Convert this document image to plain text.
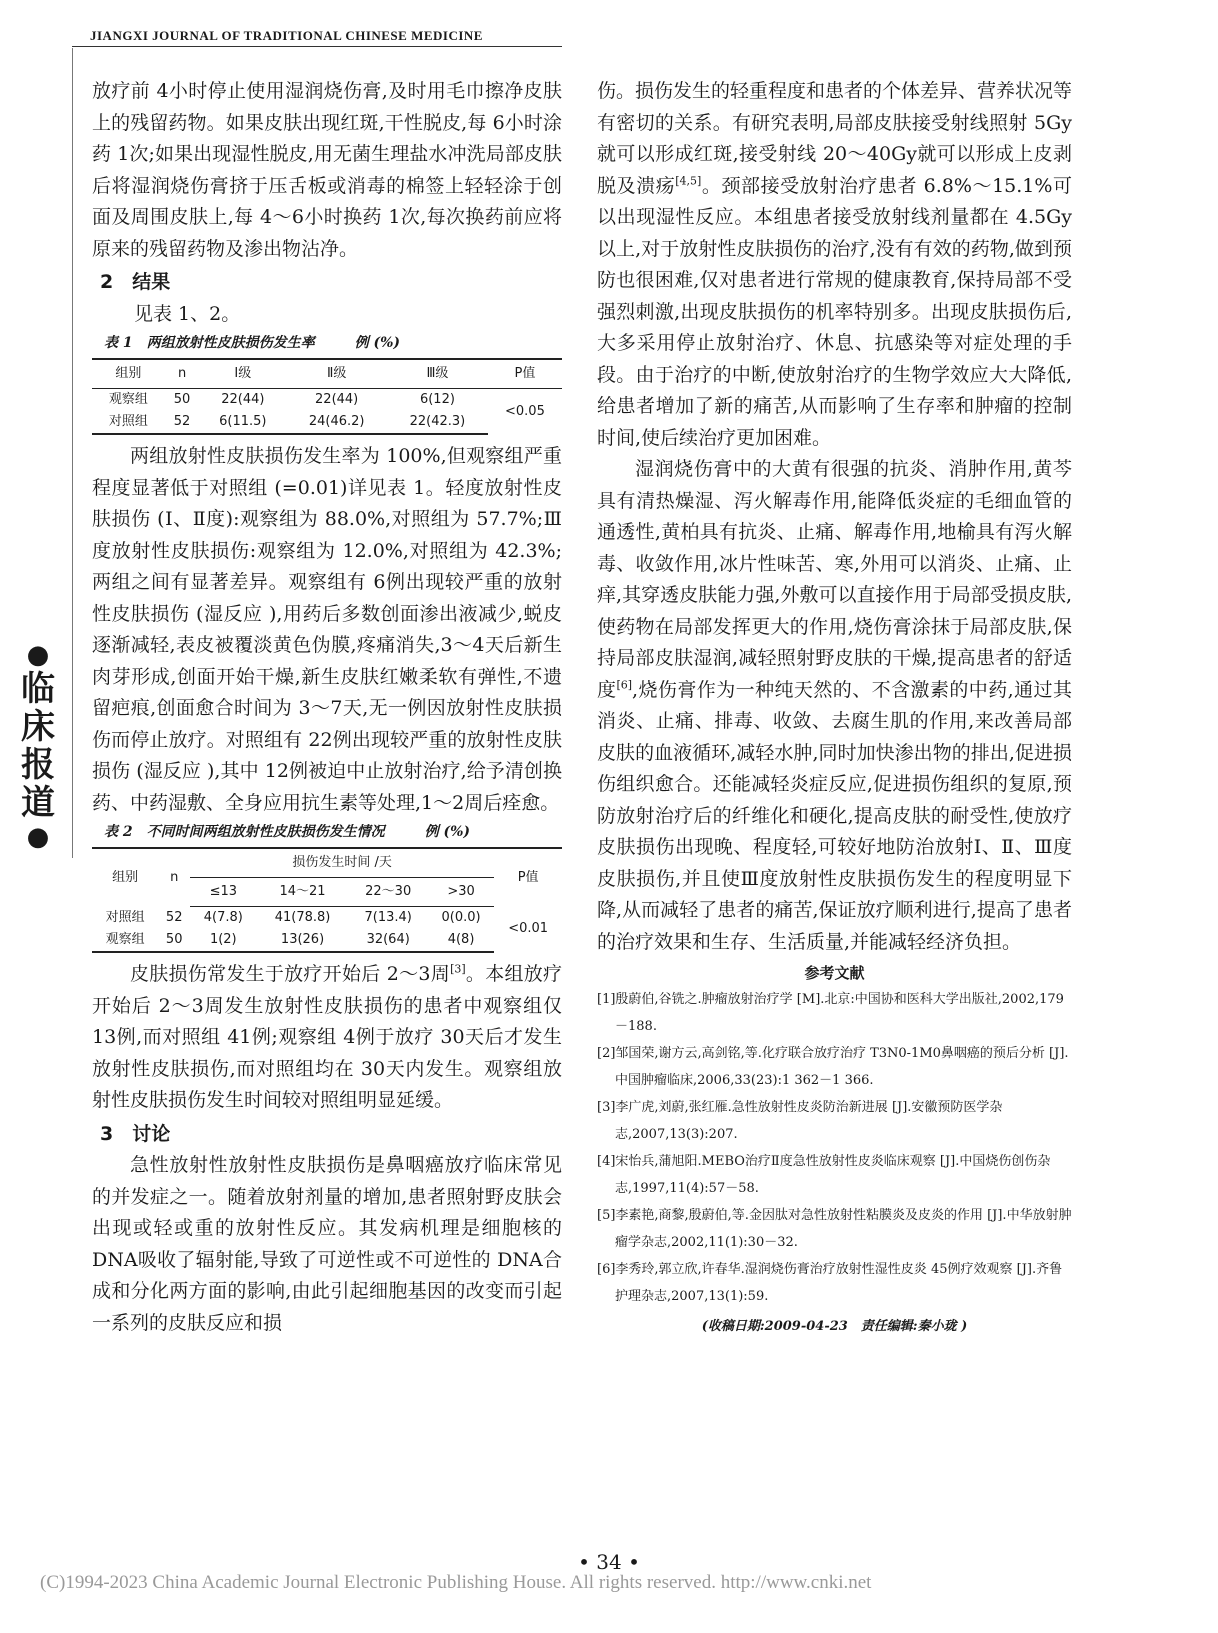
JIANGXI JOURNAL OF TRADITIONAL CHINESE MEDICINE
●
临床报道
●

放疗前 4小时停止使用湿润烧伤膏,及时用毛巾擦净皮肤上的残留药物。如果皮肤出现红斑,干性脱皮,每 6小时涂药 1次;如果出现湿性脱皮,用无菌生理盐水冲洗局部皮肤后将湿润烧伤膏挤于压舌板或消毒的棉签上轻轻涂于创面及周围皮肤上,每 4～6小时换药 1次,每次换药前应将原来的残留药物及渗出物沾净。

2　结果

见表 1、2。

表 1　两组放射性皮肤损伤发生率	例 (%)
组别	n	Ⅰ级	Ⅱ级	Ⅲ级	P值
观察组	50	22(44)	22(44)	6(12)	<0.05
对照组	52	6(11.5)	24(46.2)	22(42.3)	

两组放射性皮肤损伤发生率为 100%,但观察组严重程度显著低于对照组 (=0.01)详见表 1。轻度放射性皮肤损伤 (Ⅰ、Ⅱ度):观察组为 88.0%,对照组为 57.7%;Ⅲ度放射性皮肤损伤:观察组为 12.0%,对照组为 42.3%;两组之间有显著差异。观察组有 6例出现较严重的放射性皮肤损伤 (湿反应 ),用药后多数创面渗出液减少,蜕皮逐渐减轻,表皮被覆淡黄色伪膜,疼痛消失,3～4天后新生肉芽形成,创面开始干燥,新生皮肤红嫩柔软有弹性,不遗留疤痕,创面愈合时间为 3～7天,无一例因放射性皮肤损伤而停止放疗。对照组有 22例出现较严重的放射性皮肤损伤 (湿反应 ),其中 12例被迫中止放射治疗,给予清创换药、中药湿敷、全身应用抗生素等处理,1～2周后痊愈。

表 2　不同时间两组放射性皮肤损伤发生情况	例 (%)
组别	n	损伤发生时间 /天				P值
		≤13	14～21	22～30	>30	
对照组	52	4(7.8)	41(78.8)	7(13.4)	0(0.0)	<0.01
观察组	50	1(2)	13(26)	32(64)	4(8)	

皮肤损伤常发生于放疗开始后 2～3周[3]。本组放疗开始后 2～3周发生放射性皮肤损伤的患者中观察组仅 13例,而对照组 41例;观察组 4例于放疗 30天后才发生放射性皮肤损伤,而对照组均在 30天内发生。观察组放射性皮肤损伤发生时间较对照组明显延缓。

3　讨论

急性放射性放射性皮肤损伤是鼻咽癌放疗临床常见的并发症之一。随着放射剂量的增加,患者照射野皮肤会出现或轻或重的放射性反应。其发病机理是细胞核的 DNA吸收了辐射能,导致了可逆性或不可逆性的 DNA合成和分化两方面的影响,由此引起细胞基因的改变而引起一系列的皮肤反应和损

伤。损伤发生的轻重程度和患者的个体差异、营养状况等有密切的关系。有研究表明,局部皮肤接受射线照射 5Gy就可以形成红斑,接受射线 20～40Gy就可以形成上皮剥脱及溃疡[4,5]。颈部接受放射治疗患者 6.8%～15.1%可以出现湿性反应。本组患者接受放射线剂量都在 4.5Gy以上,对于放射性皮肤损伤的治疗,没有有效的药物,做到预防也很困难,仅对患者进行常规的健康教育,保持局部不受强烈刺激,出现皮肤损伤的机率特别多。出现皮肤损伤后,大多采用停止放射治疗、休息、抗感染等对症处理的手段。由于治疗的中断,使放射治疗的生物学效应大大降低,给患者增加了新的痛苦,从而影响了生存率和肿瘤的控制时间,使后续治疗更加困难。

湿润烧伤膏中的大黄有很强的抗炎、消肿作用,黄芩具有清热燥湿、泻火解毒作用,能降低炎症的毛细血管的通透性,黄柏具有抗炎、止痛、解毒作用,地榆具有泻火解毒、收敛作用,冰片性味苦、寒,外用可以消炎、止痛、止痒,其穿透皮肤能力强,外敷可以直接作用于局部受损皮肤,使药物在局部发挥更大的作用,烧伤膏涂抹于局部皮肤,保持局部皮肤湿润,减轻照射野皮肤的干燥,提高患者的舒适度[6],烧伤膏作为一种纯天然的、不含激素的中药,通过其消炎、止痛、排毒、收敛、去腐生肌的作用,来改善局部皮肤的血液循环,减轻水肿,同时加快渗出物的排出,促进损伤组织愈合。还能减轻炎症反应,促进损伤组织的复原,预防放射治疗后的纤维化和硬化,提高皮肤的耐受性,使放疗皮肤损伤出现晚、程度轻,可较好地防治放射Ⅰ、Ⅱ、Ⅲ度皮肤损伤,并且使Ⅲ度放射性皮肤损伤发生的程度明显下降,从而减轻了患者的痛苦,保证放疗顺利进行,提高了患者的治疗效果和生存、生活质量,并能减轻经济负担。

参考文献
[1]殷蔚伯,谷铣之.肿瘤放射治疗学 [M].北京:中国协和医科大学出版社,2002,179－188.
[2]邹国荣,谢方云,高剑铭,等.化疗联合放疗治疗 T3N0-1M0鼻咽癌的预后分析 [J].中国肿瘤临床,2006,33(23):1 362－1 366.
[3]李广虎,刘蔚,张红雁.急性放射性皮炎防治新进展 [J].安徽预防医学杂志,2007,13(3):207.
[4]宋怡兵,蒲旭阳.MEBO治疗Ⅱ度急性放射性皮炎临床观察 [J].中国烧伤创伤杂志,1997,11(4):57－58.
[5]李素艳,商黎,殷蔚伯,等.金因肽对急性放射性粘膜炎及皮炎的作用 [J].中华放射肿瘤学杂志,2002,11(1):30－32.
[6]李秀玲,郭立欣,许春华.湿润烧伤膏治疗放射性湿性皮炎 45例疗效观察 [J].齐鲁护理杂志,2007,13(1):59.
(收稿日期:2009-04-23　责任编辑:秦小珑 )
• 34 •
(C)1994-2023 China Academic Journal Electronic Publishing House. All rights reserved. http://www.cnki.net
